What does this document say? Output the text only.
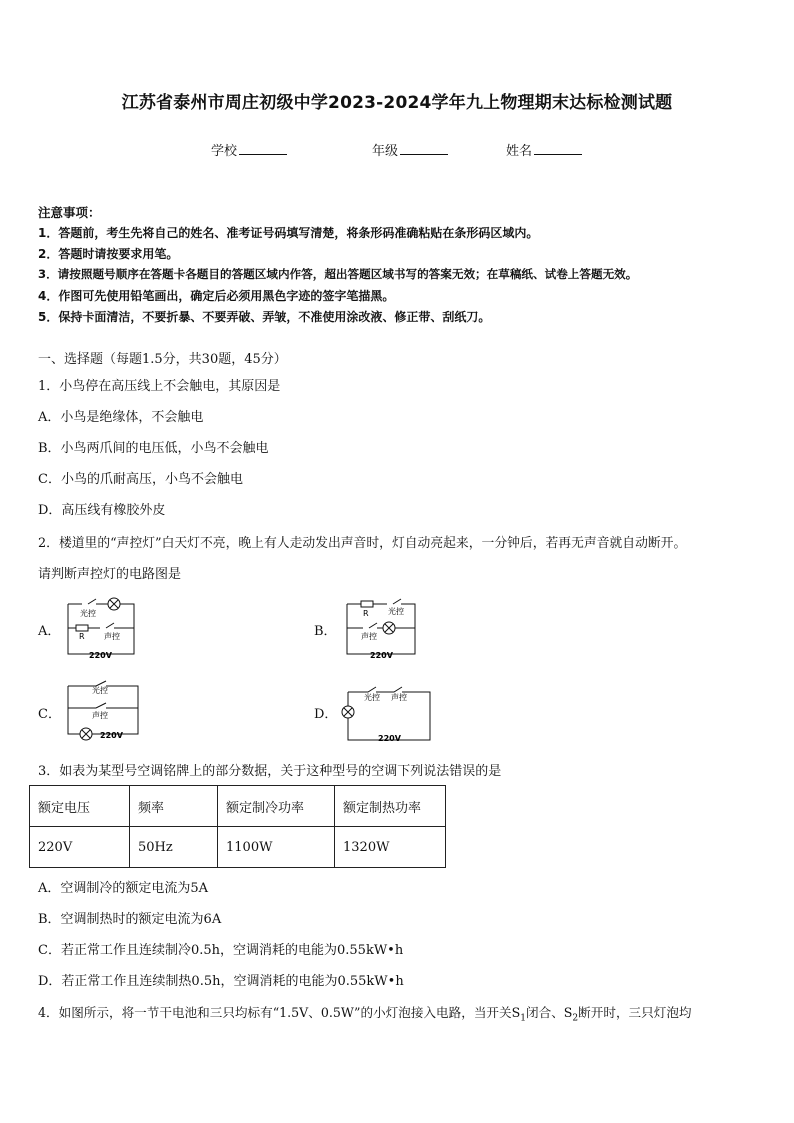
江苏省泰州市周庄初级中学2023-2024学年九上物理期末达标检测试题
学校	年级	姓名
注意事项：
1．答题前，考生先将自己的姓名、准考证号码填写清楚，将条形码准确粘贴在条形码区域内。
2．答题时请按要求用笔。
3．请按照题号顺序在答题卡各题目的答题区域内作答，超出答题区域书写的答案无效；在草稿纸、试卷上答题无效。
4．作图可先使用铅笔画出，确定后必须用黑色字迹的签字笔描黑。
5．保持卡面清洁，不要折暴、不要弄破、弄皱，不准使用涂改液、修正带、刮纸刀。
一、选择题（每题1.5分，共30题，45分）
1．小鸟停在高压线上不会触电，其原因是
A．小鸟是绝缘体，不会触电
B．小鸟两爪间的电压低，小鸟不会触电
C．小鸟的爪耐高压，小鸟不会触电
D．高压线有橡胶外皮
2．楼道里的“声控灯”白天灯不亮，晚上有人走动发出声音时，灯自动亮起来，一分钟后，若再无声音就自动断开。
请判断声控灯的电路图是
A．
光控
R 声控
220V
B．
R 光控
声控
220V
C．
光控
声控
220V
D．
光控 声控
220V
3．如表为某型号空调铭牌上的部分数据，关于这种型号的空调下列说法错误的是
额定电压	频率	额定制冷功率	额定制热功率
220V	50Hz	1100W	1320W
A．空调制冷的额定电流为5A
B．空调制热时的额定电流为6A
C．若正常工作且连续制冷0.5h，空调消耗的电能为0.55kW•h
D．若正常工作且连续制热0.5h，空调消耗的电能为0.55kW•h
4．如图所示，将一节干电池和三只均标有“1.5V、0.5W”的小灯泡接入电路，当开关$S_1$闭合、$S_2$断开时，三只灯泡均
